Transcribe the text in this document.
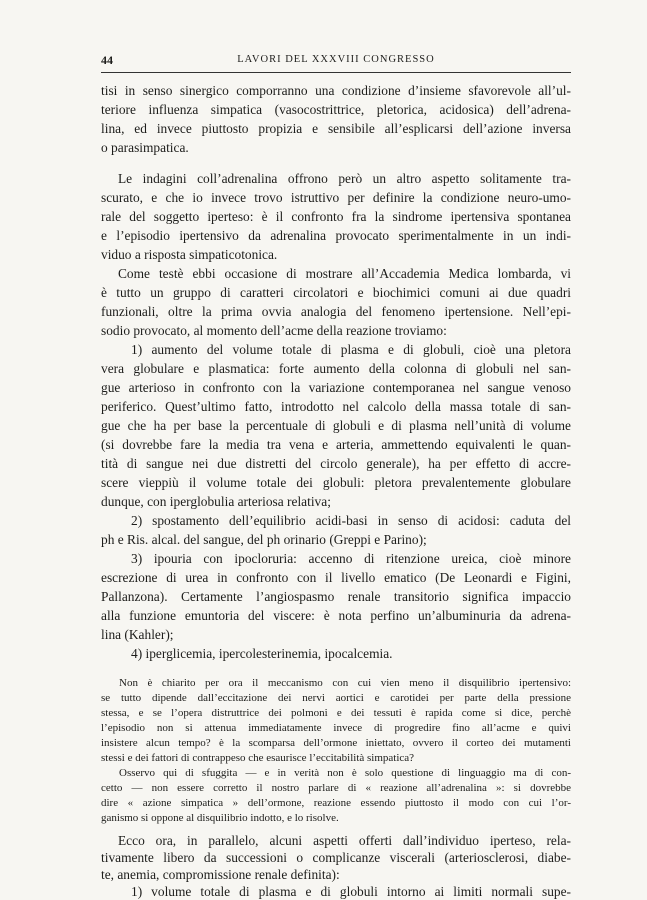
44	LAVORI DEL XXXVIII CONGRESSO
tisi in senso sinergico comporranno una condizione d’insieme sfavorevole all’ul-
teriore influenza simpatica (vasocostrittrice, pletorica, acidosica) dell’adrena-
lina, ed invece piuttosto propizia e sensibile all’esplicarsi dell’azione inversa
o parasimpatica.
Le indagini coll’adrenalina offrono però un altro aspetto solitamente tra-
scurato, e che io invece trovo istruttivo per definire la condizione neuro-umo-
rale del soggetto iperteso: è il confronto fra la sindrome ipertensiva spontanea
e l’episodio ipertensivo da adrenalina provocato sperimentalmente in un indi-
viduo a risposta simpaticotonica.
Come testè ebbi occasione di mostrare all’Accademia Medica lombarda, vi
è tutto un gruppo di caratteri circolatori e biochimici comuni ai due quadri
funzionali, oltre la prima ovvia analogia del fenomeno ipertensione. Nell’epi-
sodio provocato, al momento dell’acme della reazione troviamo:
1) aumento del volume totale di plasma e di globuli, cioè una pletora
vera globulare e plasmatica: forte aumento della colonna di globuli nel san-
gue arterioso in confronto con la variazione contemporanea nel sangue venoso
periferico. Quest’ultimo fatto, introdotto nel calcolo della massa totale di san-
gue che ha per base la percentuale di globuli e di plasma nell’unità di volume
(si dovrebbe fare la media tra vena e arteria, ammettendo equivalenti le quan-
tità di sangue nei due distretti del circolo generale), ha per effetto di accre-
scere vieppiù il volume totale dei globuli: pletora prevalentemente globulare
dunque, con iperglobulia arteriosa relativa;
2) spostamento dell’equilibrio acidi-basi in senso di acidosi: caduta del
ph e Ris. alcal. del sangue, del ph orinario (Greppi e Parino);
3) ipouria con ipocloruria: accenno di ritenzione ureica, cioè minore
escrezione di urea in confronto con il livello ematico (De Leonardi e Figini,
Pallanzona). Certamente l’angiospasmo renale transitorio significa impaccio
alla funzione emuntoria del viscere: è nota perfino un’albuminuria da adrena-
lina (Kahler);
4) iperglicemia, ipercolesterinemia, ipocalcemia.
Non è chiarito per ora il meccanismo con cui vien meno il disquilibrio ipertensivo:
se tutto dipende dall’eccitazione dei nervi aortici e carotidei per parte della pressione
stessa, e se l’opera distruttrice dei polmoni e dei tessuti è rapida come si dice, perchè
l’episodio non si attenua immediatamente invece di progredire fino all’acme e quivi
insistere alcun tempo? è la scomparsa dell’ormone iniettato, ovvero il corteo dei mutamenti
stessi e dei fattori di contrappeso che esaurisce l’eccitabilità simpatica?
Osservo qui di sfuggita — e in verità non è solo questione di linguaggio ma di con-
cetto — non essere corretto il nostro parlare di « reazione all’adrenalina »: si dovrebbe
dire « azione simpatica » dell’ormone, reazione essendo piuttosto il modo con cui l’or-
ganismo si oppone al disquilibrio indotto, e lo risolve.
Ecco ora, in parallelo, alcuni aspetti offerti dall’individuo iperteso, rela-
tivamente libero da successioni o complicanze viscerali (arteriosclerosi, diabe-
te, anemia, compromissione renale definita):
1) volume totale di plasma e di globuli intorno ai limiti normali supe-
